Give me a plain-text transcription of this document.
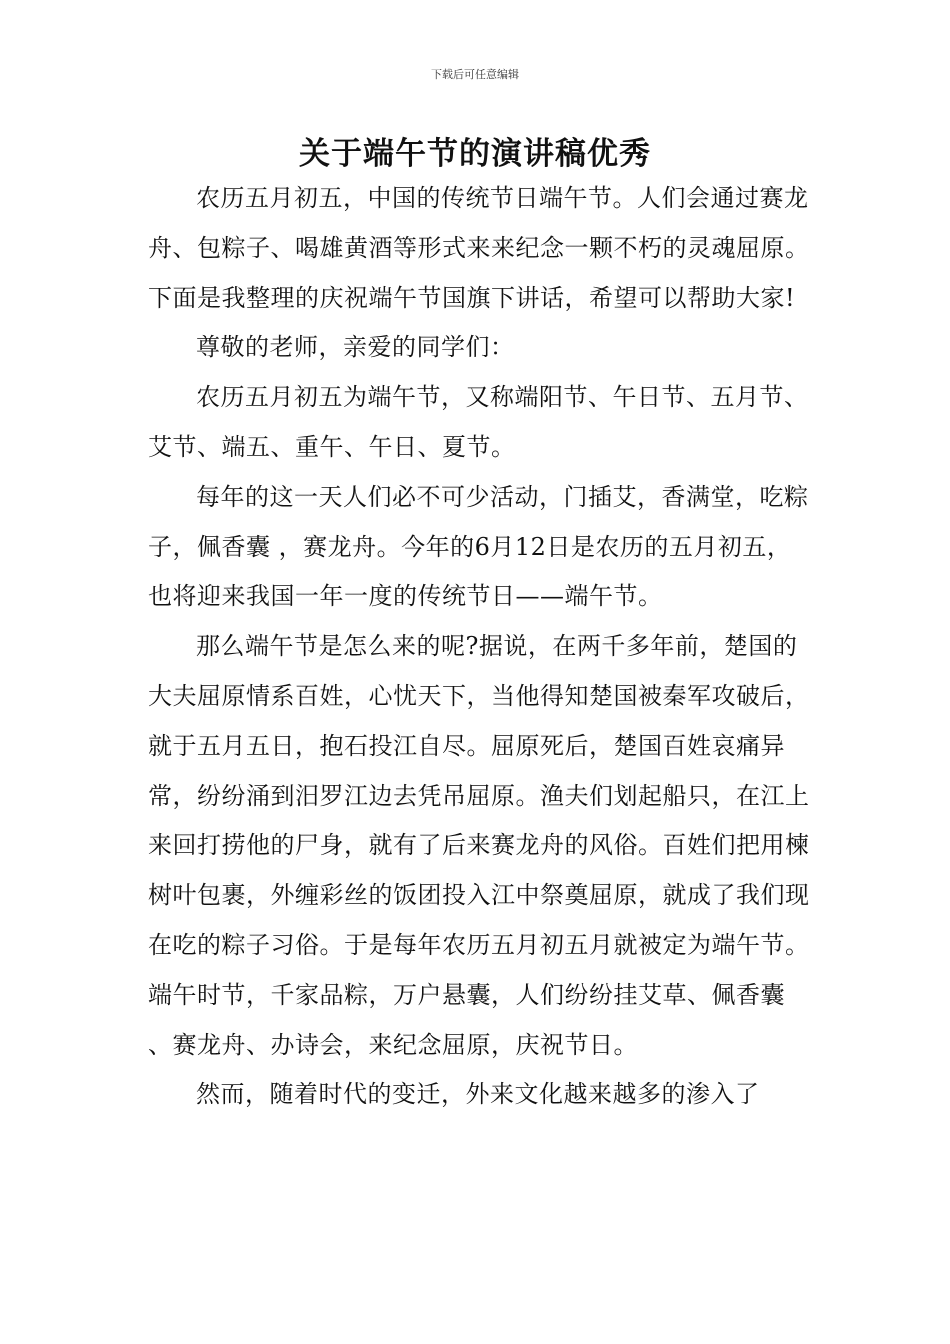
下载后可任意编辑
关于端午节的演讲稿优秀

农历五月初五，中国的传统节日端午节。人们会通过赛龙舟、包粽子、喝雄黄酒等形式来来纪念一颗不朽的灵魂屈原。下面是我整理的庆祝端午节国旗下讲话，希望可以帮助大家!

尊敬的老师，亲爱的同学们：

农历五月初五为端午节，又称端阳节、午日节、五月节、艾节、端五、重午、午日、夏节。

每年的这一天人们必不可少活动，门插艾，香满堂，吃粽子，佩香囊 ，赛龙舟。今年的6月12日是农历的五月初五，也将迎来我国一年一度的传统节日——端午节。

那么端午节是怎么来的呢?据说，在两千多年前，楚国的大夫屈原情系百姓，心忧天下，当他得知楚国被秦军攻破后，就于五月五日，抱石投江自尽。屈原死后，楚国百姓哀痛异常，纷纷涌到汨罗江边去凭吊屈原。渔夫们划起船只，在江上来回打捞他的尸身，就有了后来赛龙舟的风俗。百姓们把用楝树叶包裹，外缠彩丝的饭团投入江中祭奠屈原，就成了我们现在吃的粽子习俗。于是每年农历五月初五月就被定为端午节。端午时节，千家品粽，万户悬囊，人们纷纷挂艾草、佩香囊 、赛龙舟、办诗会，来纪念屈原，庆祝节日。

然而，随着时代的变迁，外来文化越来越多的渗入了
